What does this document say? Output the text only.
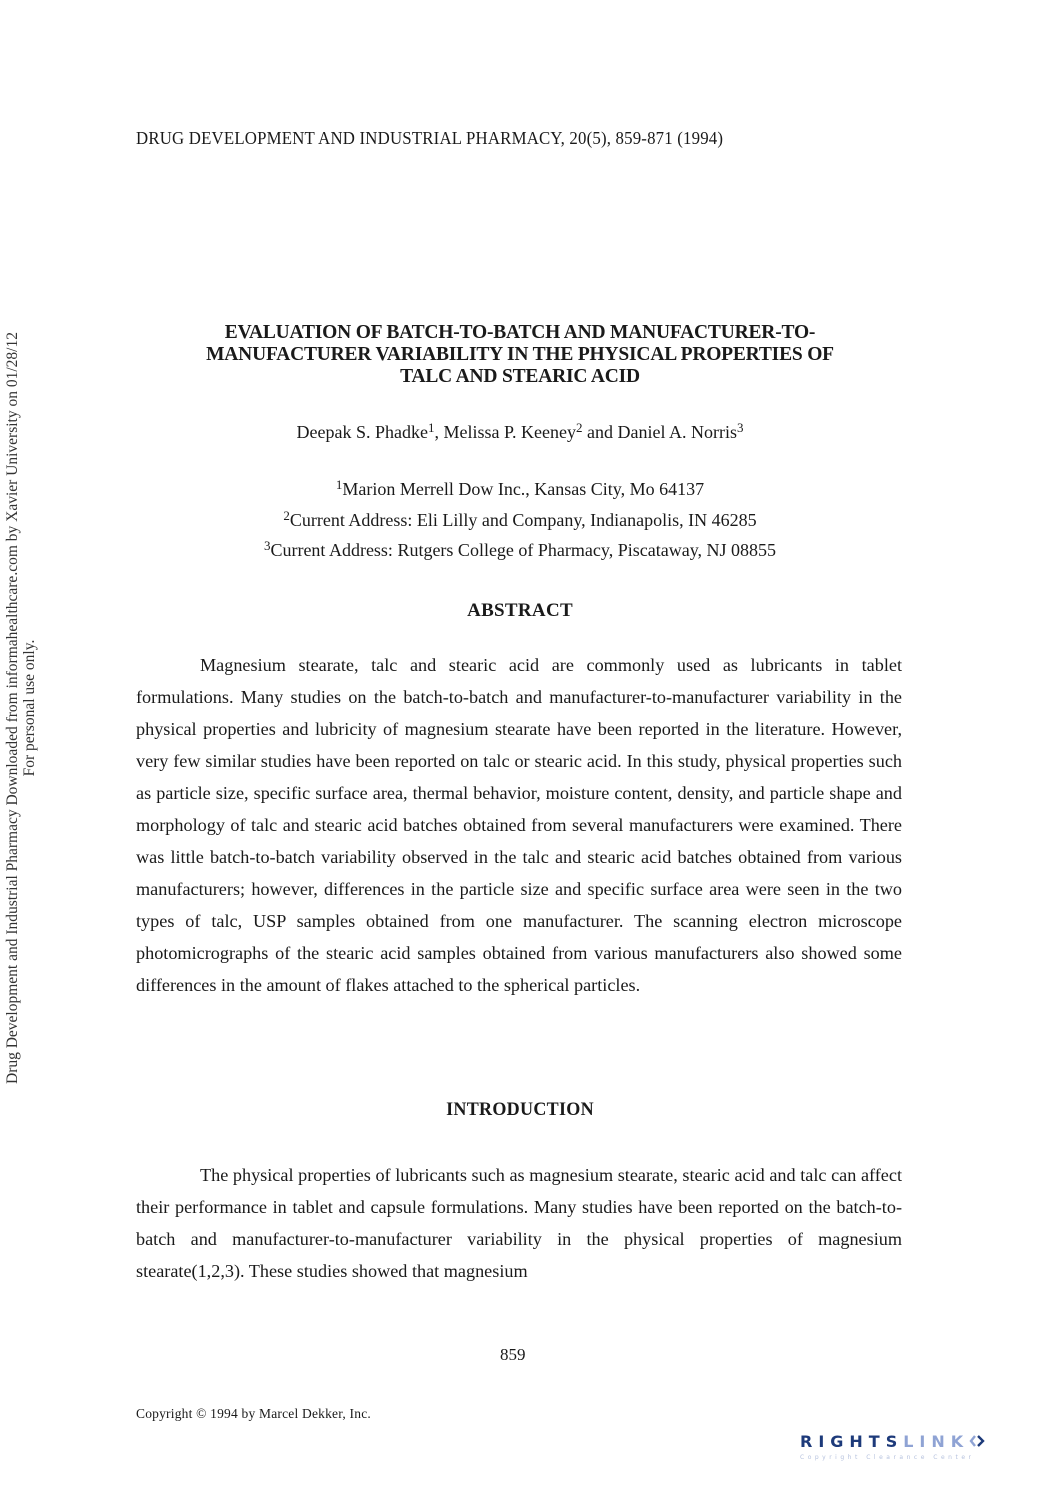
DRUG DEVELOPMENT AND INDUSTRIAL PHARMACY, 20(5), 859-871 (1994)
EVALUATION OF BATCH-TO-BATCH AND MANUFACTURER-TO-
MANUFACTURER VARIABILITY IN THE PHYSICAL PROPERTIES OF
TALC AND STEARIC ACID
Deepak S. Phadke$^1$, Melissa P. Keeney$^2$ and Daniel A. Norris$^3$
$^1$Marion Merrell Dow Inc., Kansas City, Mo 64137
$^2$Current Address: Eli Lilly and Company, Indianapolis, IN 46285
$^3$Current Address: Rutgers College of Pharmacy, Piscataway, NJ 08855
ABSTRACT

Magnesium stearate, talc and stearic acid are commonly used as lubricants in tablet formulations. Many studies on the batch-to-batch and manufacturer-to-manufacturer variability in the physical properties and lubricity of magnesium stearate have been reported in the literature. However, very few similar studies have been reported on talc or stearic acid. In this study, physical properties such as particle size, specific surface area, thermal behavior, moisture content, density, and particle shape and morphology of talc and stearic acid batches obtained from several manufacturers were examined. There was little batch-to-batch variability observed in the talc and stearic acid batches obtained from various manufacturers; however, differences in the particle size and specific surface area were seen in the two types of talc, USP samples obtained from one manufacturer. The scanning electron microscope photomicrographs of the stearic acid samples obtained from various manufacturers also showed some differences in the amount of flakes attached to the spherical particles.

INTRODUCTION

The physical properties of lubricants such as magnesium stearate, stearic acid and talc can affect their performance in tablet and capsule formulations. Many studies have been reported on the batch-to-batch and manufacturer-to-manufacturer variability in the physical properties of magnesium stearate(1,2,3). These studies showed that magnesium

859
Copyright © 1994 by Marcel Dekker, Inc.
Drug Development and Industrial Pharmacy Downloaded from informahealthcare.com by Xavier University on 01/28/12 For personal use only.
RIGHTSLINK
Copyright Clearance Center
